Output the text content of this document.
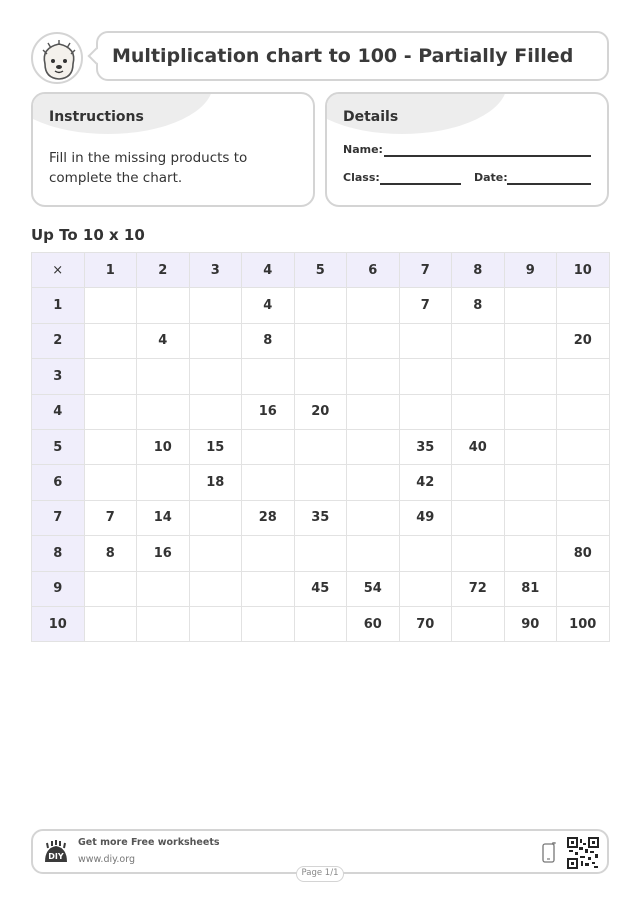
Multiplication chart to 100 - Partially Filled
Instructions
Fill in the missing products to complete the chart.
Details
Name:
Class:	Date:
Up To 10 x 10
×	1	2	3	4	5	6	7	8	9	10
1				4			7	8		
2		4		8						20
3										
4				16	20					
5		10	15				35	40		
6			18				42			
7	7	14		28	35		49			
8	8	16								80
9					45	54		72	81	
10						60	70		90	100
DIY
Get more Free worksheets
www.diy.org
Page 1/1
